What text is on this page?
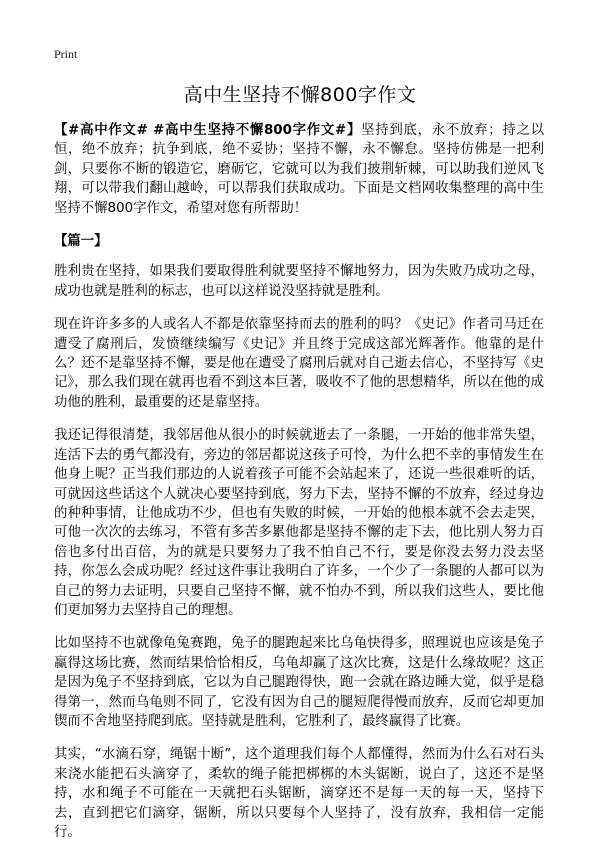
Print
高中生坚持不懈800字作文

【#高中作文# #高中生坚持不懈800字作文#】坚持到底，永不放弃；持之以恒，绝不放弃；抗争到底，绝不妥协；坚持不懈，永不懈怠。坚持仿佛是一把利剑，只要你不断的锻造它，磨砺它，它就可以为我们披荆斩棘，可以助我们逆风飞翔，可以带我们翻山越岭，可以帮我们获取成功。下面是文档网收集整理的高中生坚持不懈800字作文，希望对您有所帮助！

【篇一】

胜利贵在坚持，如果我们要取得胜利就要坚持不懈地努力，因为失败乃成功之母，成功也就是胜利的标志，也可以这样说没坚持就是胜利。

现在许许多多的人或名人不都是依靠坚持而去的胜利的吗？《史记》作者司马迁在遭受了腐刑后，发愤继续编写《史记》并且终于完成这部光辉著作。他靠的是什么？还不是靠坚持不懈，要是他在遭受了腐刑后就对自己逝去信心，不坚持写《史记》，那么我们现在就再也看不到这本巨著，吸收不了他的思想精华，所以在他的成功他的胜利，最重要的还是靠坚持。

我还记得很清楚，我邻居他从很小的时候就逝去了一条腿，一开始的他非常失望，连活下去的勇气都没有，旁边的邻居都说这孩子可怜，为什么把不幸的事情发生在他身上呢？正当我们那边的人说着孩子可能不会站起来了，还说一些很难听的话，可就因这些话这个人就决心要坚持到底，努力下去，坚持不懈的不放弃，经过身边的种种事情，让他成功不少，但也有失败的时候，一开始的他根本就不会去走哭，可他一次次的去练习，不管有多苦多累他都是坚持不懈的走下去，他比别人努力百倍也多付出百倍，为的就是只要努力了我不怕自己不行，要是你没去努力没去坚持，你怎么会成功呢？经过这件事让我明白了许多，一个少了一条腿的人都可以为自己的努力去证明，只要自己坚持不懈，就不怕办不到，所以我们这些人，要比他们更加努力去坚持自己的理想。

比如坚持不也就像龟兔赛跑，兔子的腿跑起来比乌龟快得多，照理说也应该是兔子赢得这场比赛，然而结果恰恰相反，乌龟却赢了这次比赛，这是什么缘故呢？这正是因为兔子不坚持到底，它以为自己腿跑得快，跑一会就在路边睡大觉，似乎是稳得第一，然而乌龟则不同了，它没有因为自己的腿短爬得慢而放弃，反而它却更加锲而不舍地坚持爬到底。坚持就是胜利，它胜利了，最终赢得了比赛。

其实，“水滴石穿，绳锯十断”，这个道理我们每个人都懂得，然而为什么石对石头来浇水能把石头滴穿了，柔软的绳子能把梆梆的木头锯断，说白了，这还不是坚持，水和绳子不可能在一天就把石头锯断，滴穿还不是每一天的每一天，坚持下去，直到把它们滴穿，锯断，所以只要每个人坚持了，没有放弃，我相信一定能行。
